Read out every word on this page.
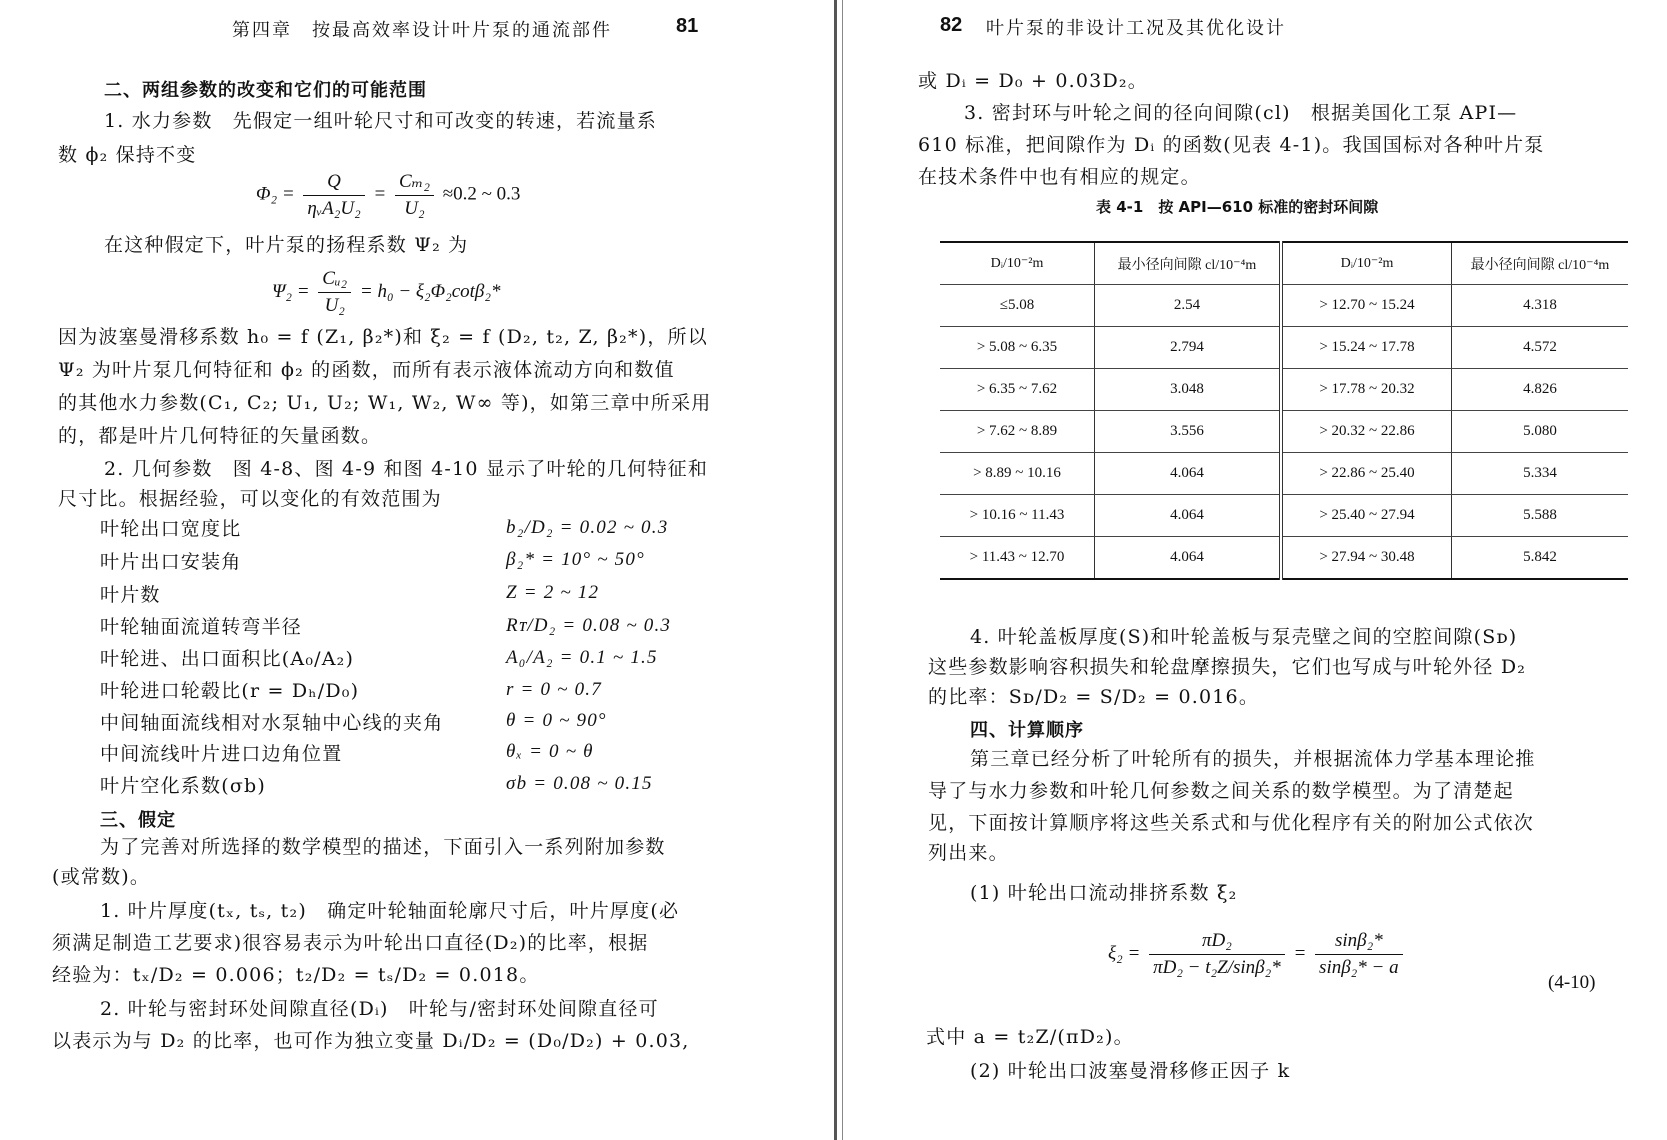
第四章　按最高效率设计叶片泵的通流部件	81
二、两组参数的改变和它们的可能范围
1. 水力参数　先假定一组叶轮尺寸和可改变的转速，若流量系
数 ϕ₂ 保持不变
$\Phi_2 = \frac{Q}{\text{ηᵥA₂U₂}} = \frac{\text{Cₘ₂}}{\text{U₂}} \approx 0.2$ ~ 0.3
在这种假定下，叶片泵的扬程系数 Ψ₂ 为
$\Psi_2 = \frac{\text{Cᵤ₂}}{\text{U₂}} = h_0 - \xi_2\Phi_2\cot\beta_2*$
因为波塞曼滑移系数 h₀ = f (Z₁, β₂*)和 ξ₂ = f (D₂, t₂, Z, β₂*)，所以
Ψ₂ 为叶片泵几何特征和 ϕ₂ 的函数，而所有表示液体流动方向和数值
的其他水力参数(C₁, C₂; U₁, U₂; W₁, W₂, W∞ 等)，如第三章中所采用
的，都是叶片几何特征的矢量函数。
2. 几何参数　图 4-8、图 4-9 和图 4-10 显示了叶轮的几何特征和
尺寸比。根据经验，可以变化的有效范围为
叶轮出口宽度比	b₂/D₂ = 0.02 ~ 0.3
叶片出口安装角	β₂* = 10° ~ 50°
叶片数	Z = 2 ~ 12
叶轮轴面流道转弯半径	Rᴛ/D₂ = 0.08 ~ 0.3
叶轮进、出口面积比(A₀/A₂)	A₀/A₂ = 0.1 ~ 1.5
叶轮进口轮毂比(r = Dₕ/D₀)	r = 0 ~ 0.7
中间轴面流线相对水泵轴中心线的夹角	θ = 0 ~ 90°
中间流线叶片进口边角位置	θₓ = 0 ~ θ
叶片空化系数(σb)	σb = 0.08 ~ 0.15
三、假定
为了完善对所选择的数学模型的描述，下面引入一系列附加参数
(或常数)。
1. 叶片厚度(tₓ, tₛ, t₂)　确定叶轮轴面轮廓尺寸后，叶片厚度(必
须满足制造工艺要求)很容易表示为叶轮出口直径(D₂)的比率，根据
经验为：tₓ/D₂ = 0.006；t₂/D₂ = tₛ/D₂ = 0.018。
2. 叶轮与密封环处间隙直径(Dᵢ)　叶轮与/密封环处间隙直径可
以表示为与 D₂ 的比率，也可作为独立变量 Dᵢ/D₂ = (D₀/D₂) + 0.03,
82 叶片泵的非设计工况及其优化设计
或 Dᵢ = D₀ + 0.03D₂。
3. 密封环与叶轮之间的径向间隙(cl)　根据美国化工泵 API—
610 标准，把间隙作为 Dᵢ 的函数(见表 4-1)。我国国标对各种叶片泵
在技术条件中也有相应的规定。
表 4-1　按 API—610 标准的密封环间隙
Dᵢ/10⁻²m	最小径向间隙 cl/10⁻⁴m	Dᵢ/10⁻²m	最小径向间隙 cl/10⁻⁴m
≤5.08	2.54	> 12.70 ~ 15.24	4.318
> 5.08 ~ 6.35	2.794	> 15.24 ~ 17.78	4.572
> 6.35 ~ 7.62	3.048	> 17.78 ~ 20.32	4.826
> 7.62 ~ 8.89	3.556	> 20.32 ~ 22.86	5.080
> 8.89 ~ 10.16	4.064	> 22.86 ~ 25.40	5.334
> 10.16 ~ 11.43	4.064	> 25.40 ~ 27.94	5.588
> 11.43 ~ 12.70	4.064	> 27.94 ~ 30.48	5.842
4. 叶轮盖板厚度(S)和叶轮盖板与泵壳壁之间的空腔间隙(Sᴅ)
这些参数影响容积损失和轮盘摩擦损失，它们也写成与叶轮外径 D₂
的比率：Sᴅ/D₂ = S/D₂ = 0.016。
四、计算顺序
第三章已经分析了叶轮所有的损失，并根据流体力学基本理论推
导了与水力参数和叶轮几何参数之间关系的数学模型。为了清楚起
见，下面按计算顺序将这些关系式和与优化程序有关的附加公式依次
列出来。
(1) 叶轮出口流动排挤系数 ξ₂
$\xi_2 = \frac{\text{πD₂}}{\text{πD₂ − t₂Z/sinβ₂*}} = \frac{\text{sinβ₂*}}{\text{sinβ₂* − a}}$
(4-10)
式中 a = t₂Z/(πD₂)。
(2) 叶轮出口波塞曼滑移修正因子 k
